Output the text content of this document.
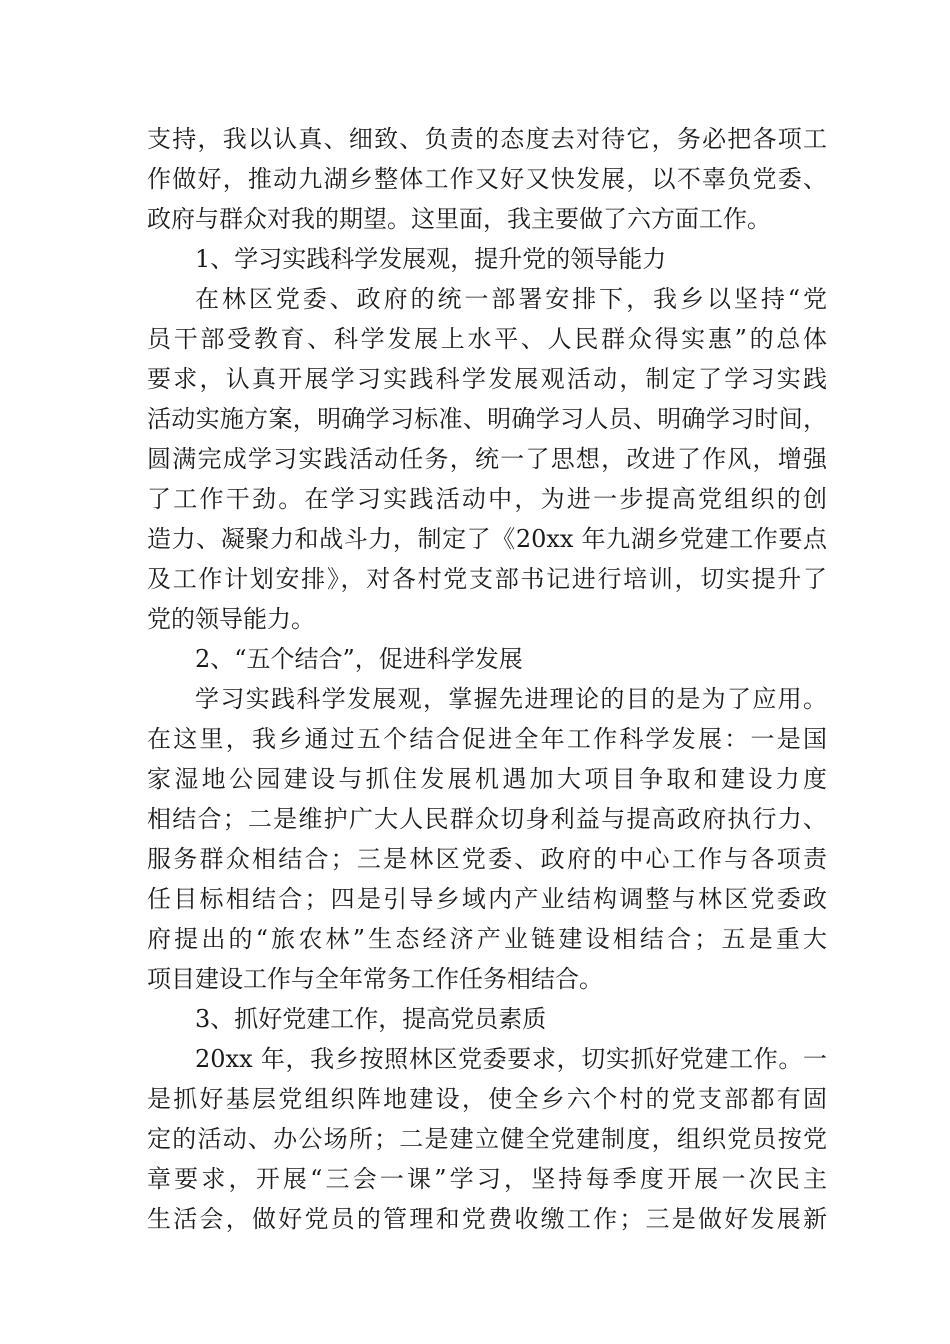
支持，我以认真、细致、负责的态度去对待它，务必把各项工
作做好，推动九湖乡整体工作又好又快发展，以不辜负党委、
政府与群众对我的期望。这里面，我主要做了六方面工作。
1、学习实践科学发展观，提升党的领导能力
在林区党委、政府的统一部署安排下，我乡以坚持“党
员干部受教育、科学发展上水平、人民群众得实惠”的总体
要求，认真开展学习实践科学发展观活动，制定了学习实践
活动实施方案，明确学习标准、明确学习人员、明确学习时间，
圆满完成学习实践活动任务，统一了思想，改进了作风，增强
了工作干劲。在学习实践活动中，为进一步提高党组织的创
造力、凝聚力和战斗力，制定了《20xx 年九湖乡党建工作要点
及工作计划安排》，对各村党支部书记进行培训，切实提升了
党的领导能力。
2、“五个结合”，促进科学发展
学习实践科学发展观，掌握先进理论的目的是为了应用。
在这里，我乡通过五个结合促进全年工作科学发展：一是国
家湿地公园建设与抓住发展机遇加大项目争取和建设力度
相结合；二是维护广大人民群众切身利益与提高政府执行力、
服务群众相结合；三是林区党委、政府的中心工作与各项责
任目标相结合；四是引导乡域内产业结构调整与林区党委政
府提出的“旅农林”生态经济产业链建设相结合；五是重大
项目建设工作与全年常务工作任务相结合。
3、抓好党建工作，提高党员素质
20xx 年，我乡按照林区党委要求，切实抓好党建工作。一
是抓好基层党组织阵地建设，使全乡六个村的党支部都有固
定的活动、办公场所；二是建立健全党建制度，组织党员按党
章要求，开展“三会一课”学习，坚持每季度开展一次民主
生活会，做好党员的管理和党费收缴工作；三是做好发展新
